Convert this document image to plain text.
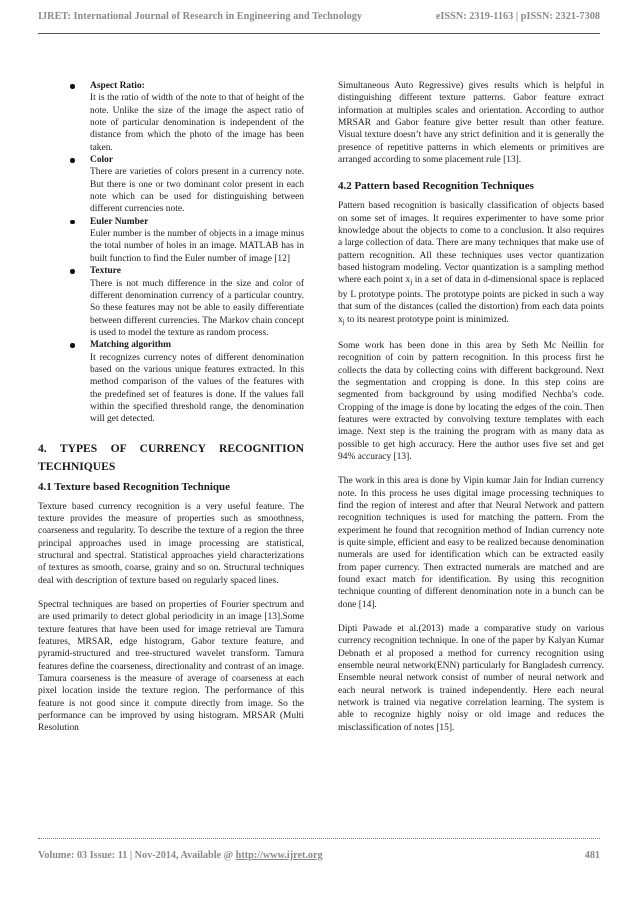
IJRET: International Journal of Research in Engineering and Technology	eISSN: 2319-1163 | pISSN: 2321-7308
Aspect Ratio:
It is the ratio of width of the note to that of height of the note. Unlike the size of the image the aspect ratio of note of particular denomination is independent of the distance from which the photo of the image has been taken.
Color
There are varieties of colors present in a currency note. But there is one or two dominant color present in each note which can be used for distinguishing between different currencies note.
Euler Number
Euler number is the number of objects in a image minus the total number of holes in an image. MATLAB has in built function to find the Euler number of image [12]
Texture
There is not much difference in the size and color of different denomination currency of a particular country. So these features may not be able to easily differentiate between different currencies. The Markov chain concept is used to model the texture as random process.
Matching algorithm
It recognizes currency notes of different denomination based on the various unique features extracted. In this method comparison of the values of the features with the predefined set of features is done. If the values fall within the specified threshold range, the denomination will get detected.
4. TYPES OF CURRENCY RECOGNITION
TECHNIQUES
4.1 Texture based Recognition Technique

Texture based currency recognition is a very useful feature. The texture provides the measure of properties such as smoothness, coarseness and regularity. To describe the texture of a region the three principal approaches used in image processing are statistical, structural and spectral. Statistical approaches yield characterizations of textures as smooth, coarse, grainy and so on. Structural techniques deal with description of texture based on regularly spaced lines.

Spectral techniques are based on properties of Fourier spectrum and are used primarily to detect global periodicity in an image [13].Some texture features that have been used for image retrieval are Tamura features, MRSAR, edge histogram, Gabor texture feature, and pyramid-structured and tree-structured wavelet transform. Tamura features define the coarseness, directionality and contrast of an image. Tamura coarseness is the measure of average of coarseness at each pixel location inside the texture region. The performance of this feature is not good since it compute directly from image. So the performance can be improved by using histogram. MRSAR (Multi Resolution

Simultaneous Auto Regressive) gives results which is helpful in distinguishing different texture patterns. Gabor feature extract information at multiples scales and orientation. According to author MRSAR and Gabor feature give better result than other feature. Visual texture doesn’t have any strict definition and it is generally the presence of repetitive patterns in which elements or primitives are arranged according to some placement rule [13].

4.2 Pattern based Recognition Techniques

Pattern based recognition is basically classification of objects based on some set of images. It requires experimenter to have some prior knowledge about the objects to come to a conclusion. It also requires a large collection of data. There are many techniques that make use of pattern recognition. All these techniques uses vector quantization based histogram modeling. Vector quantization is a sampling method where each point $x_j$ in a set of data in d-dimensional space is replaced by L prototype points. The prototype points are picked in such a way that sum of the distances (called the distortion) from each data points $x_j$ to its nearest prototype point is minimized.

Some work has been done in this area by Seth Mc Neillin for recognition of coin by pattern recognition. In this process first he collects the data by collecting coins with different background. Next the segmentation and cropping is done. In this step coins are segmented from background by using modified Nechba’s code. Cropping of the image is done by locating the edges of the coin. Then features were extracted by convolving texture templates with each image. Next step is the training the program with as many data as possible to get high accuracy. Here the author uses five set and get 94% accuracy [13].

The work in this area is done by Vipin kumar Jain for Indian currency note. In this process he uses digital image processing techniques to find the region of interest and after that Neural Network and pattern recognition techniques is used for matching the pattern. From the experiment he found that recognition method of Indian currency note is quite simple, efficient and easy to be realized because denomination numerals are used for identification which can be extracted easily from paper currency. Then extracted numerals are matched and are found exact match for identification. By using this recognition technique counting of different denomination note in a bunch can be done [14].

Dipti Pawade et al.(2013) made a comparative study on various currency recognition technique. In one of the paper by Kalyan Kumar Debnath et al proposed a method for currency recognition using ensemble neural network(ENN) particularly for Bangladesh currency. Ensemble neural network consist of number of neural network and each neural network is trained independently. Here each neural network is trained via negative correlation learning. The system is able to recognize highly noisy or old image and reduces the misclassification of notes [15].

Volume: 03 Issue: 11 | Nov-2014, Available @ http://www.ijret.org	481
